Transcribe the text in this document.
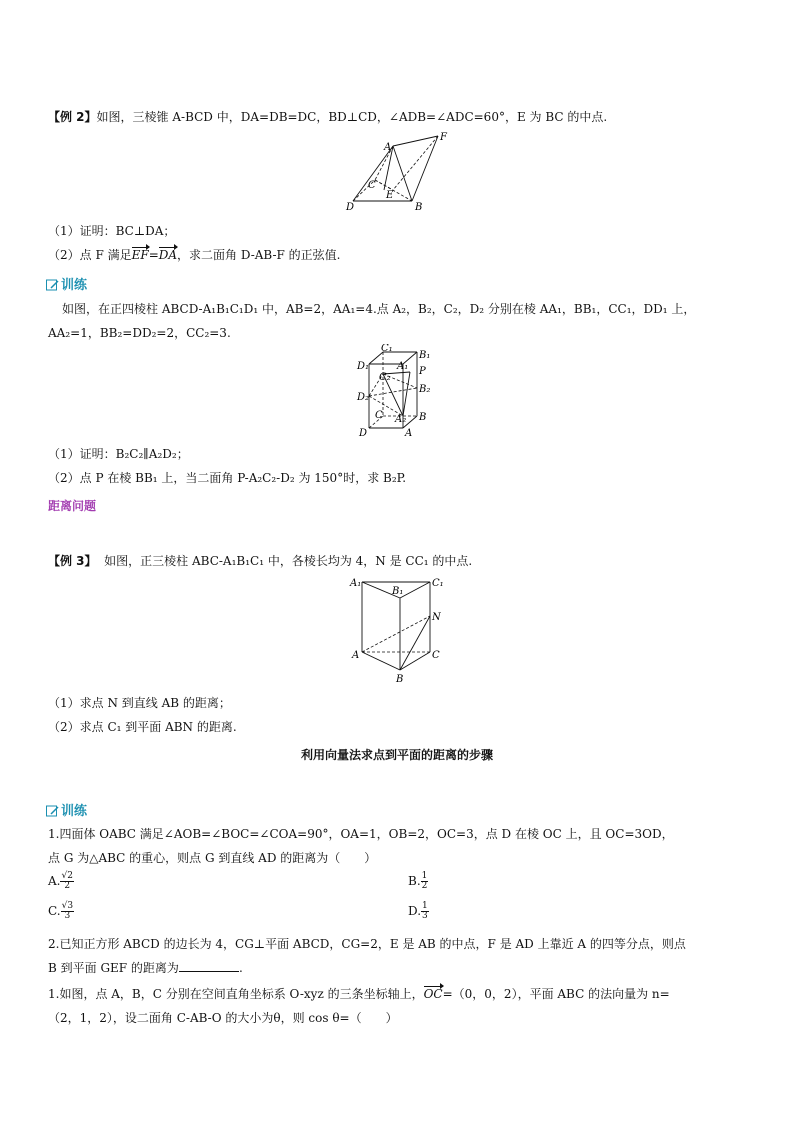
【例 2】如图，三棱锥 A-BCD 中，DA=DB=DC，BD⊥CD，∠ADB=∠ADC=60°，E 为 BC 的中点.
A
F
C
E
D	B
（1）证明：BC⊥DA；
（2）点 F 满足EF=DA，求二面角 D-AB-F 的正弦值.
训练
如图，在正四棱柱 ABCD-A₁B₁C₁D₁ 中，AB=2，AA₁=4.点 A₂，B₂，C₂，D₂ 分别在棱 AA₁，BB₁，CC₁，DD₁ 上，
AA₂=1，BB₂=DD₂=2，CC₂=3.
C₁
B₁
D₁	A₁
C₂
P
B₂
D₂
C A₂ B
D	A
（1）证明：B₂C₂∥A₂D₂；
（2）点 P 在棱 BB₁ 上，当二面角 P-A₂C₂-D₂ 为 150°时，求 B₂P.
距离问题
【例 3】 如图，正三棱柱 ABC-A₁B₁C₁ 中，各棱长均为 4，N 是 CC₁ 的中点.
A₁
B₁
C₁
N
A	C
B
（1）求点 N 到直线 AB 的距离；
（2）求点 C₁ 到平面 ABN 的距离.
利用向量法求点到平面的距离的步骤
训练
1.四面体 OABC 满足∠AOB=∠BOC=∠COA=90°，OA=1，OB=2，OC=3，点 D 在棱 OC 上，且 OC=3OD，
点 G 为△ABC 的重心，则点 G 到直线 AD 的距离为（　　）
A. $\frac{√2}{2}$	B. $\frac{1}{2}$
C. $\frac{√3}{3}$	D. $\frac{1}{3}$
2.已知正方形 ABCD 的边长为 4，CG⊥平面 ABCD，CG=2，E 是 AB 的中点，F 是 AD 上靠近 A 的四等分点，则点
B 到平面 GEF 的距离为	.
1.如图，点 A，B，C 分别在空间直角坐标系 O-xyz 的三条坐标轴上，OC=（0，0，2），平面 ABC 的法向量为 n=
（2，1，2），设二面角 C-AB-O 的大小为θ，则 cos θ=（　　）
